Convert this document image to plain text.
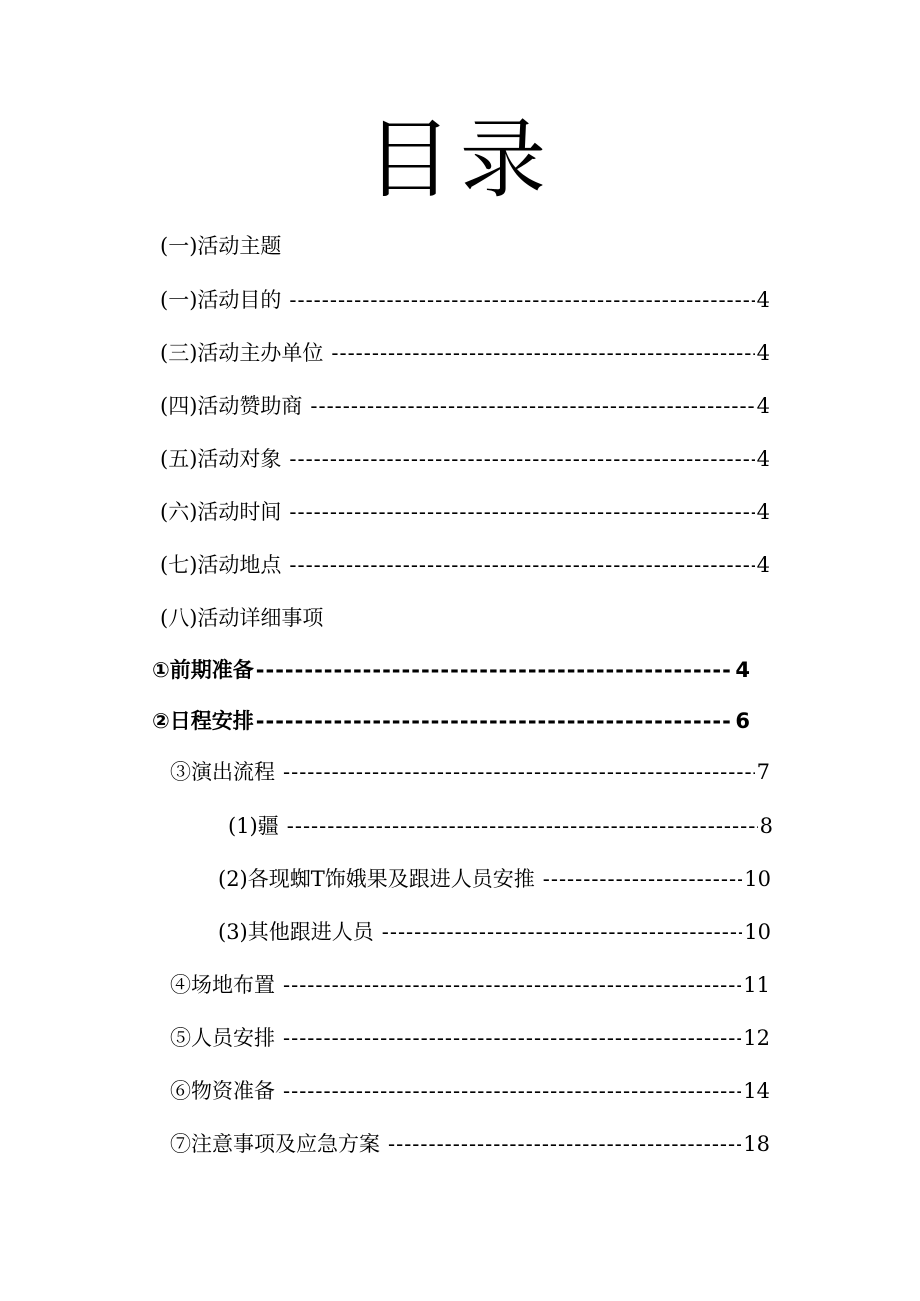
目录
(一)活动主题
(一)活动目的 -----	4
(三)活动主办单位 -----	4
(四)活动赞助商 -----	4
(五)活动对象 -----	4
(六)活动时间 -----	4
(七)活动地点 -----	4
(八)活动详细事项
①前期准备 -----	4
②日程安排 -----	6
③演出流程 -----	7
(1)疆 -----	8
(2)各现蜘T饰娥果及跟进人员安推 -----	10
(3)其他跟进人员 -----	10
④场地布置 -----	11
⑤人员安排 -----	12
⑥物资准备 -----	14
⑦注意事项及应急方案 -----	18
